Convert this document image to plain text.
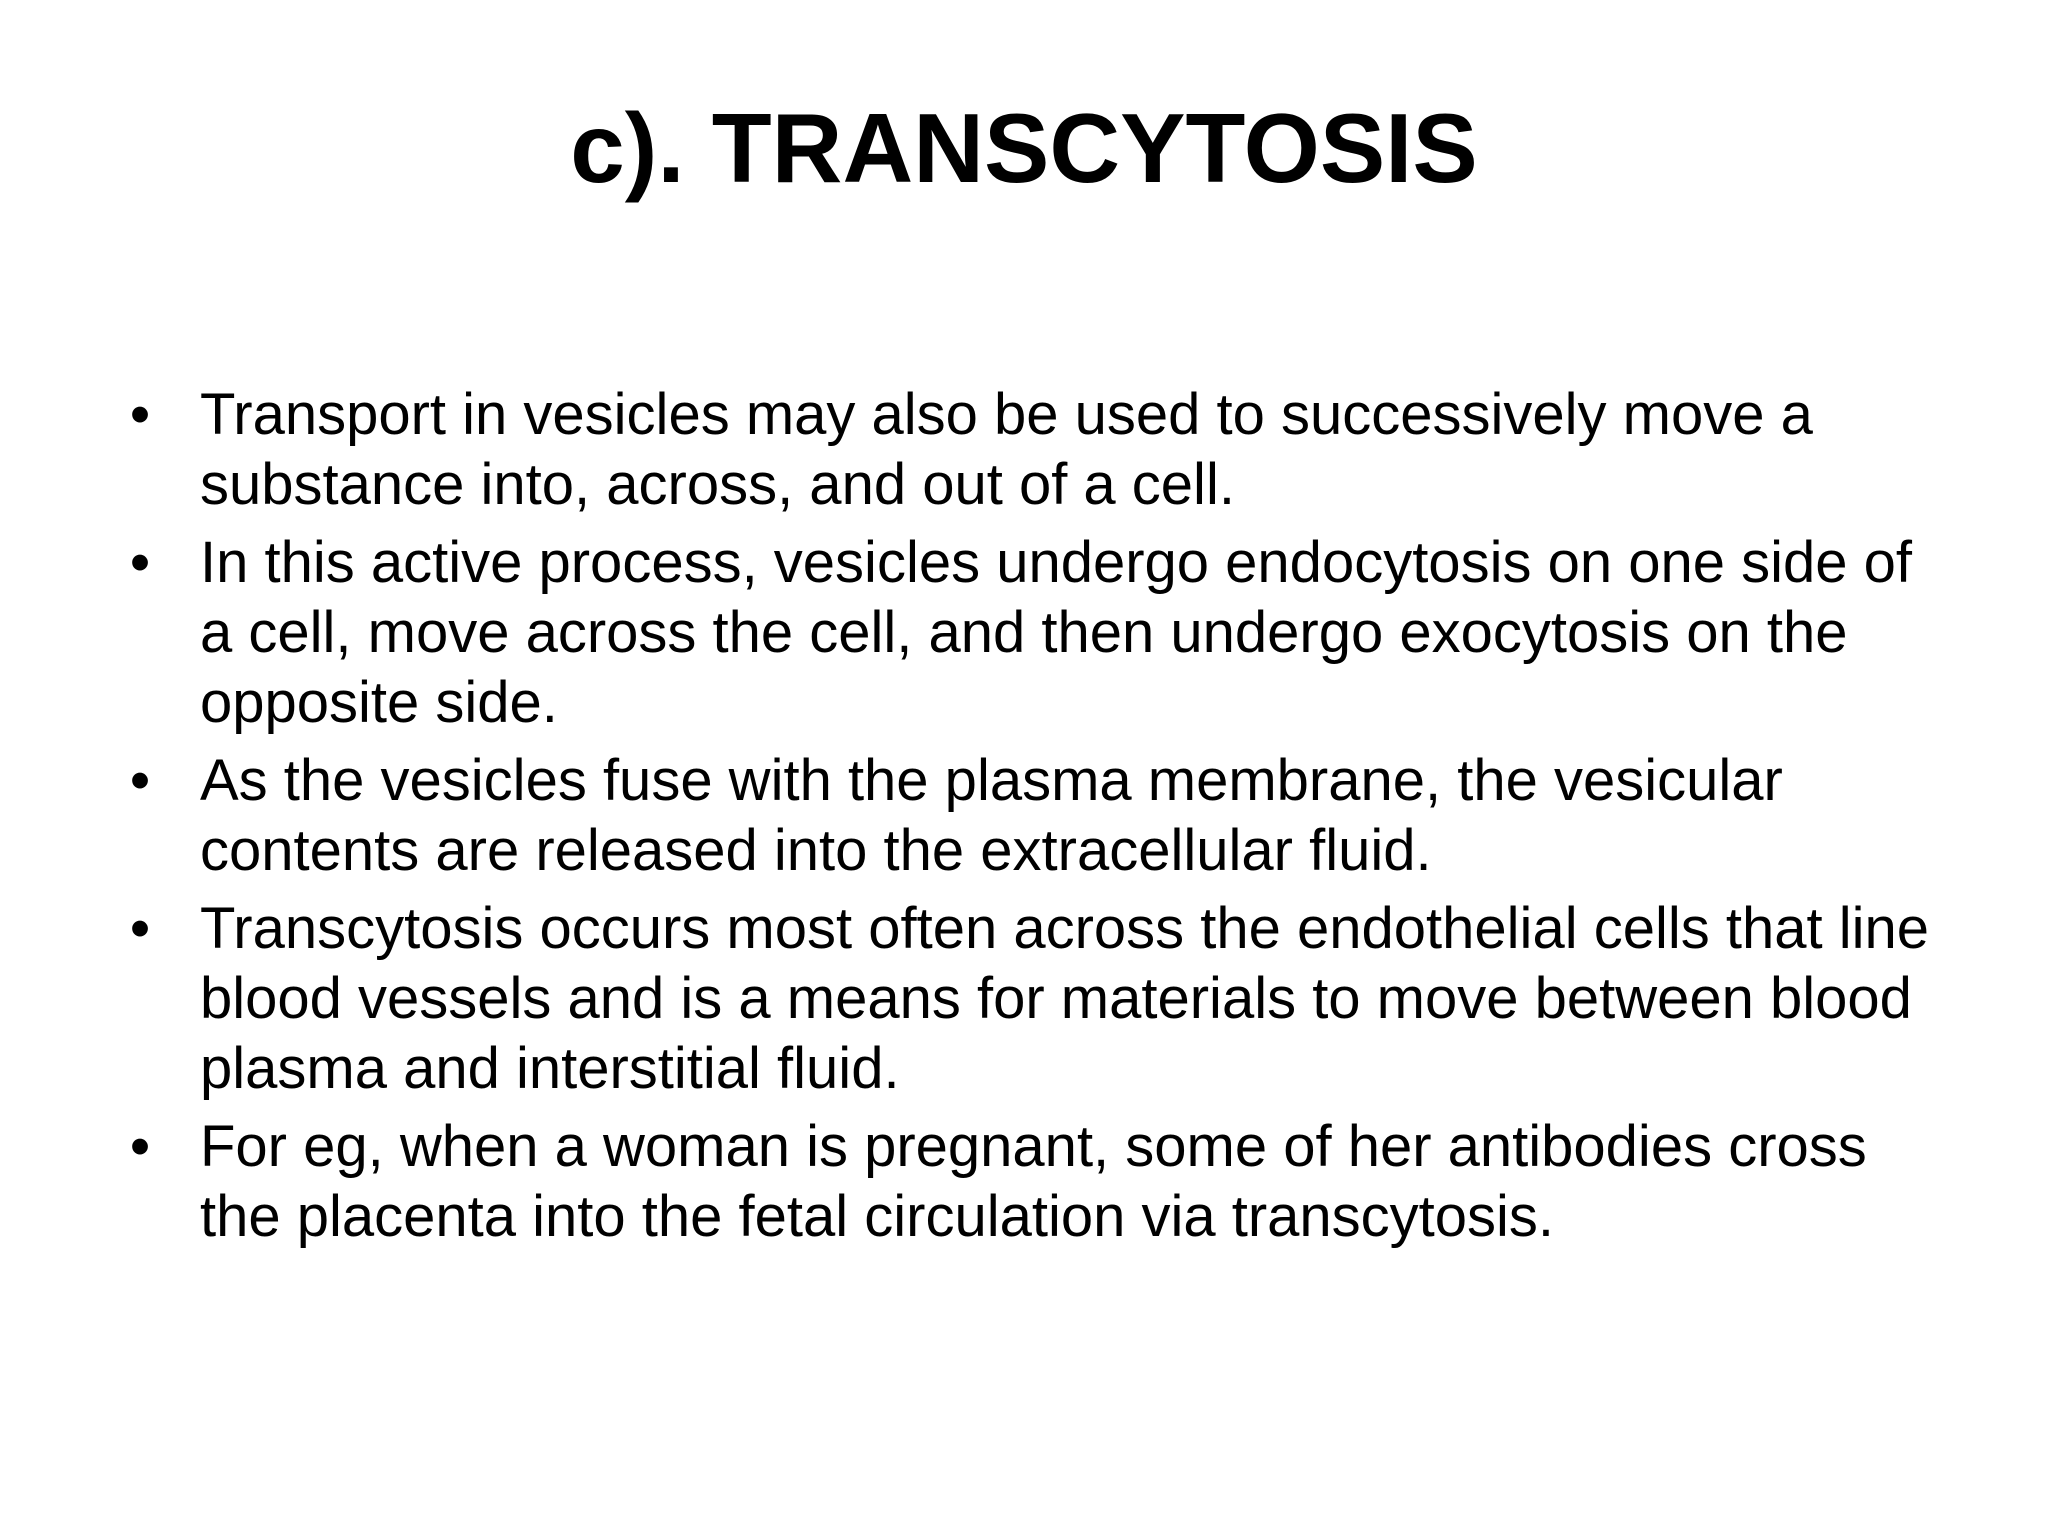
c). TRANSCYTOSIS
• Transport in vesicles may also be used to successively move a substance into, across, and out of a cell.
• In this active process, vesicles undergo endocytosis on one side of a cell, move across the cell, and then undergo exocytosis on the opposite side.
• As the vesicles fuse with the plasma membrane, the vesicular contents are released into the extracellular fluid.
• Transcytosis occurs most often across the endothelial cells that line blood vessels and is a means for materials to move between blood plasma and interstitial fluid.
• For eg, when a woman is pregnant, some of her antibodies cross the placenta into the fetal circulation via transcytosis.
